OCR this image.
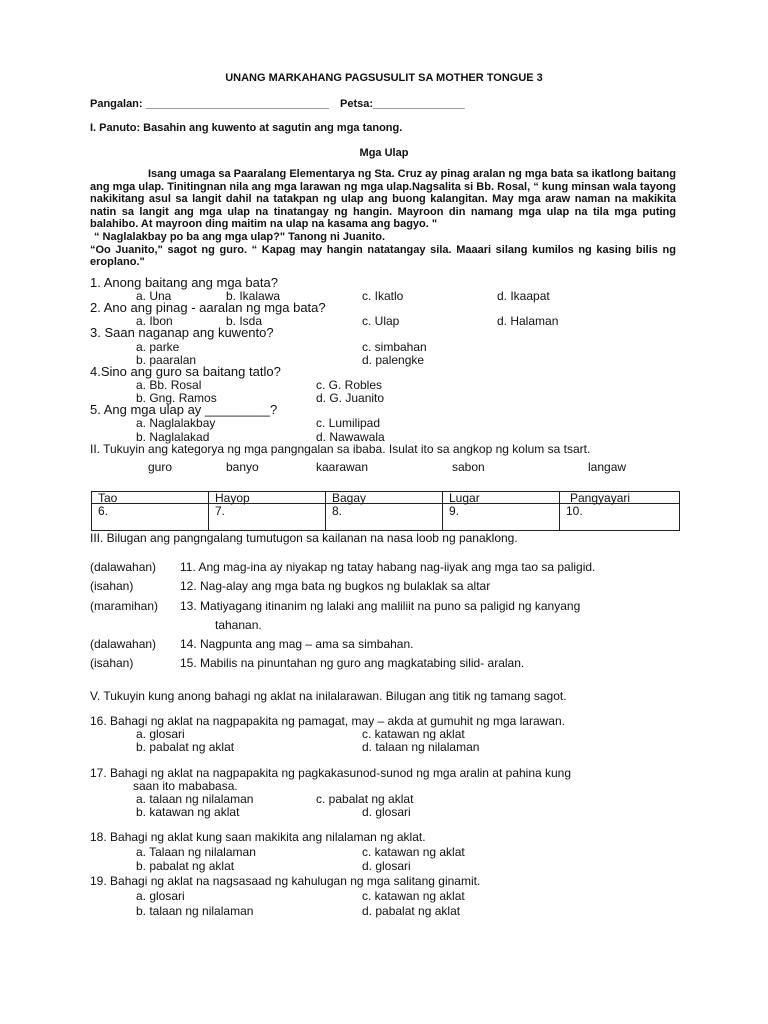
UNANG MARKAHANG PAGSUSULIT SA MOTHER TONGUE 3
Pangalan: ______________________________ Petsa:_______________
I. Panuto: Basahin ang kuwento at sagutin ang mga tanong.
Mga Ulap

Isang umaga sa Paaralang Elementarya ng Sta. Cruz ay pinag aralan ng mga bata sa ikatlong baitang ang mga ulap. Tinitingnan nila ang mga larawan ng mga ulap.Nagsalita si Bb. Rosal, “ kung minsan wala tayong nakikitang asul sa langit dahil na tatakpan ng ulap ang buong kalangitan. May mga araw naman na makikita natin sa langit ang mga ulap na tinatangay ng hangin. Mayroon din namang mga ulap na tila mga puting balahibo. At mayroon ding maitim na ulap na kasama ang bagyo. "

“ Naglalakbay po ba ang mga ulap?" Tanong ni Juanito.

“Oo Juanito," sagot ng guro. “ Kapag may hangin natatangay sila. Maaari silang kumilos ng kasing bilis ng eroplano."

1. Anong baitang ang mga bata?
a. Una	b. Ikalawa	c. Ikatlo	d. Ikaapat
2. Ano ang pinag - aaralan ng mga bata?
a. Ibon	b. Isda	c. Ulap	d. Halaman
3. Saan naganap ang kuwento?
a. parke	c. simbahan
b. paaralan	d. palengke
4.Sino ang guro sa baitang tatlo?
a. Bb. Rosal	c. G. Robles
b. Gng. Ramos	d. G. Juanito
5. Ang mga ulap ay _________?
a. Naglalakbay	c. Lumilipad
b. Naglalakad	d. Nawawala
II. Tukuyin ang kategorya ng mga pangngalan sa ibaba. Isulat ito sa angkop ng kolum sa tsart.
guro	banyo	kaarawan	sabon	langaw
Tao	Hayop	Bagay	Lugar	Pangyayari
6.	7.	8.	9.	10.
III. Bilugan ang pangngalang tumutugon sa kailanan na nasa loob ng panaklong.
(dalawahan) 11. Ang mag-ina ay niyakap ng tatay habang nag-iiyak ang mga tao sa paligid.
(isahan)	12. Nag-alay ang mga bata ng bugkos ng bulaklak sa altar
(maramihan) 13. Matiyagang itinanim ng lalaki ang maliliit na puno sa paligid ng kanyang
tahanan.
(dalawahan) 14. Nagpunta ang mag – ama sa simbahan.
(isahan)	15. Mabilis na pinuntahan ng guro ang magkatabing silid- aralan.
V. Tukuyin kung anong bahagi ng aklat na inilalarawan. Bilugan ang titik ng tamang sagot.
16. Bahagi ng aklat na nagpapakita ng pamagat, may – akda at gumuhit ng mga larawan.
a. glosari	c. katawan ng aklat
b. pabalat ng aklat	d. talaan ng nilalaman
17. Bahagi ng aklat na nagpapakita ng pagkakasunod-sunod ng mga aralin at pahina kung
saan ito mababasa.
a. talaan ng nilalaman	c. pabalat ng aklat
b. katawan ng aklat	d. glosari
18. Bahagi ng aklat kung saan makikita ang nilalaman ng aklat.
a. Talaan ng nilalaman	c. katawan ng aklat
b. pabalat ng aklat	d. glosari
19. Bahagi ng aklat na nagsasaad ng kahulugan ng mga salitang ginamit.
a. glosari	c. katawan ng aklat
b. talaan ng nilalaman	d. pabalat ng aklat
